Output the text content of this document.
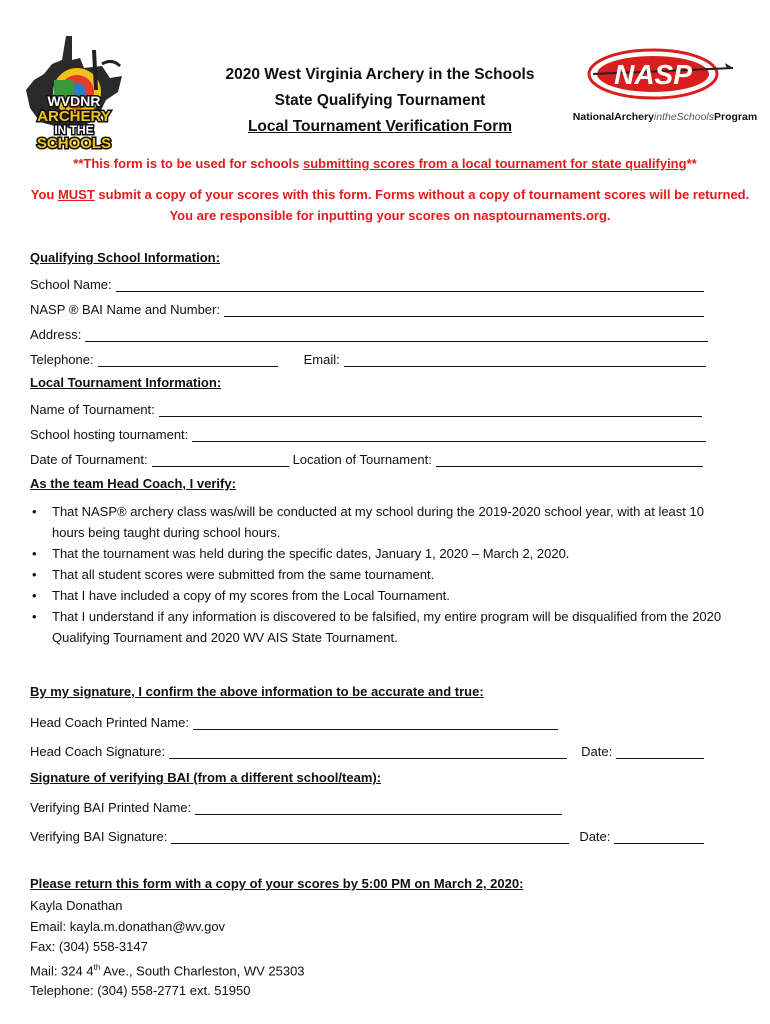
WVDNR
ARCHERY
IN THE
SCHOOLS
NASP
NationalArcheryintheSchoolsProgram
2020 West Virginia Archery in the Schools
State Qualifying Tournament
Local Tournament Verification Form
**This form is to be used for schools submitting scores from a local tournament for state qualifying**
You MUST submit a copy of your scores with this form. Forms without a copy of tournament scores will be returned. You are responsible for inputting your scores on nasptournaments.org.
Qualifying School Information:
School Name:
NASP ® BAI Name and Number:
Address:
Telephone:	Email:
Local Tournament Information:
Name of Tournament:
School hosting tournament:
Date of Tournament:	Location of Tournament:
As the team Head Coach, I verify:
• That NASP® archery class was/will be conducted at my school during the 2019-2020 school year, with at least 10 hours being taught during school hours.
• That the tournament was held during the specific dates, January 1, 2020 – March 2, 2020.
• That all student scores were submitted from the same tournament.
• That I have included a copy of my scores from the Local Tournament.
• That I understand if any information is discovered to be falsified, my entire program will be disqualified from the 2020 Qualifying Tournament and 2020 WV AIS State Tournament.
By my signature, I confirm the above information to be accurate and true:
Head Coach Printed Name:
Head Coach Signature:	Date:
Signature of verifying BAI (from a different school/team):
Verifying BAI Printed Name:
Verifying BAI Signature:	Date:
Please return this form with a copy of your scores by 5:00 PM on March 2, 2020:
Kayla Donathan
Email: kayla.m.donathan@wv.gov
Fax: (304) 558-3147
Mail: 324 4th Ave., South Charleston, WV 25303
Telephone: (304) 558-2771 ext. 51950
